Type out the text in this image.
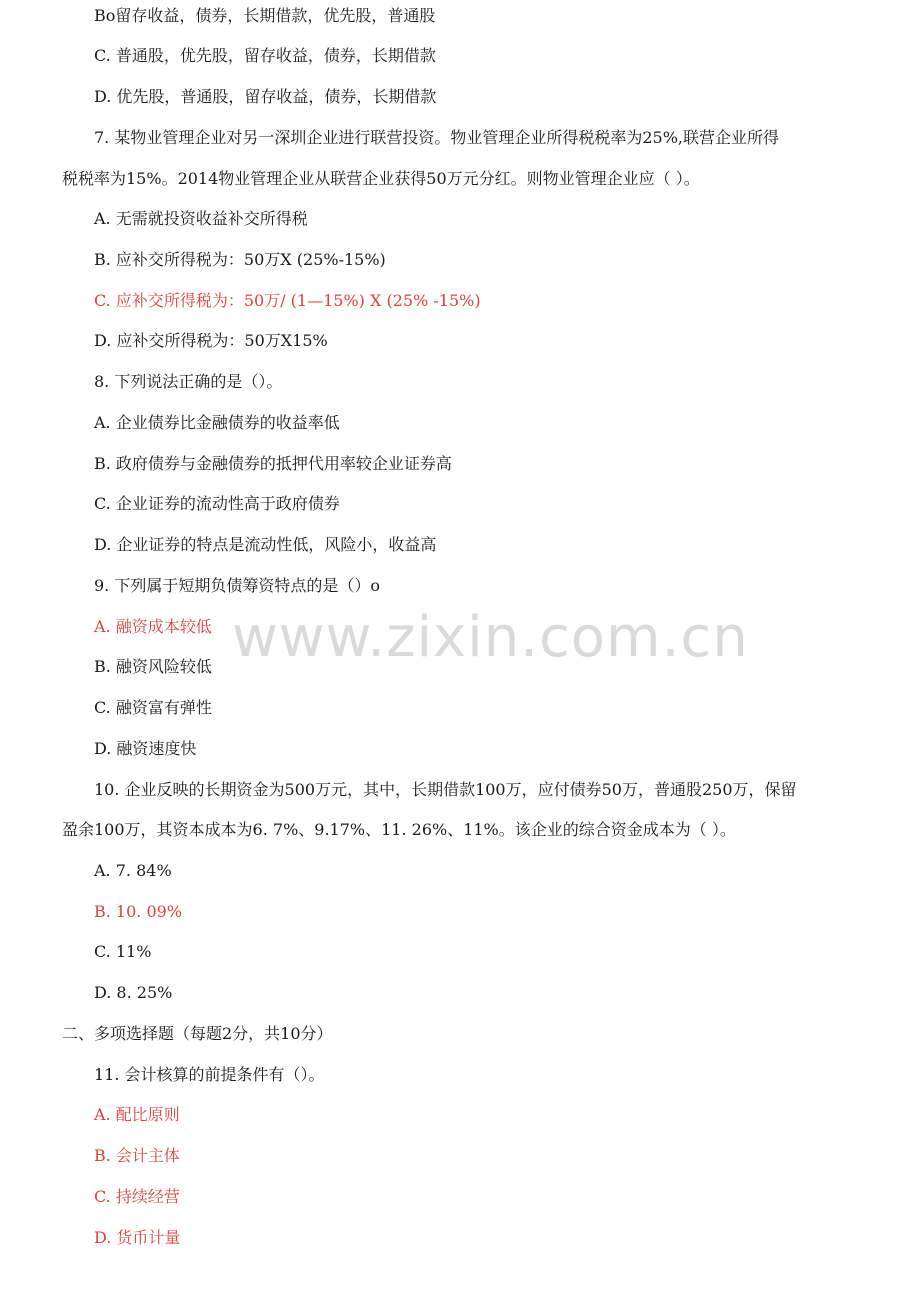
Bo留存收益，债券，长期借款，优先股，普通股

C. 普通股，优先股，留存收益，债券，长期借款

D. 优先股，普通股，留存收益，债券，长期借款

7. 某物业管理企业对另一深圳企业进行联营投资。物业管理企业所得税税率为25%,联营企业所得

税税率为15%。2014物业管理企业从联营企业获得50万元分红。则物业管理企业应（ ）。

A. 无需就投资收益补交所得税

B. 应补交所得税为：50万X (25%-15%)

C. 应补交所得税为：50万/ (1—15%) X (25% -15%)

D. 应补交所得税为：50万X15%

8. 下列说法正确的是（）。

A. 企业债券比金融债券的收益率低

B. 政府债券与金融债券的抵押代用率较企业证券高

C. 企业证券的流动性高于政府债券

D. 企业证券的特点是流动性低，风险小，收益高

9. 下列属于短期负债筹资特点的是（）o

A. 融资成本较低

B. 融资风险较低

C. 融资富有弹性

D. 融资速度快

10. 企业反映的长期资金为500万元，其中，长期借款100万，应付债券50万，普通股250万，保留

盈余100万，其资本成本为6. 7%、9.17%、11. 26%、11%。该企业的综合资金成本为（ ）。

A. 7. 84%

B. 10. 09%

C. 11%

D. 8. 25%

二、多项选择题（每题2分，共10分）

11. 会计核算的前提条件有（）。

A. 配比原则

B. 会计主体

C. 持续经营

D. 货币计量

www.zixin.com.cn
